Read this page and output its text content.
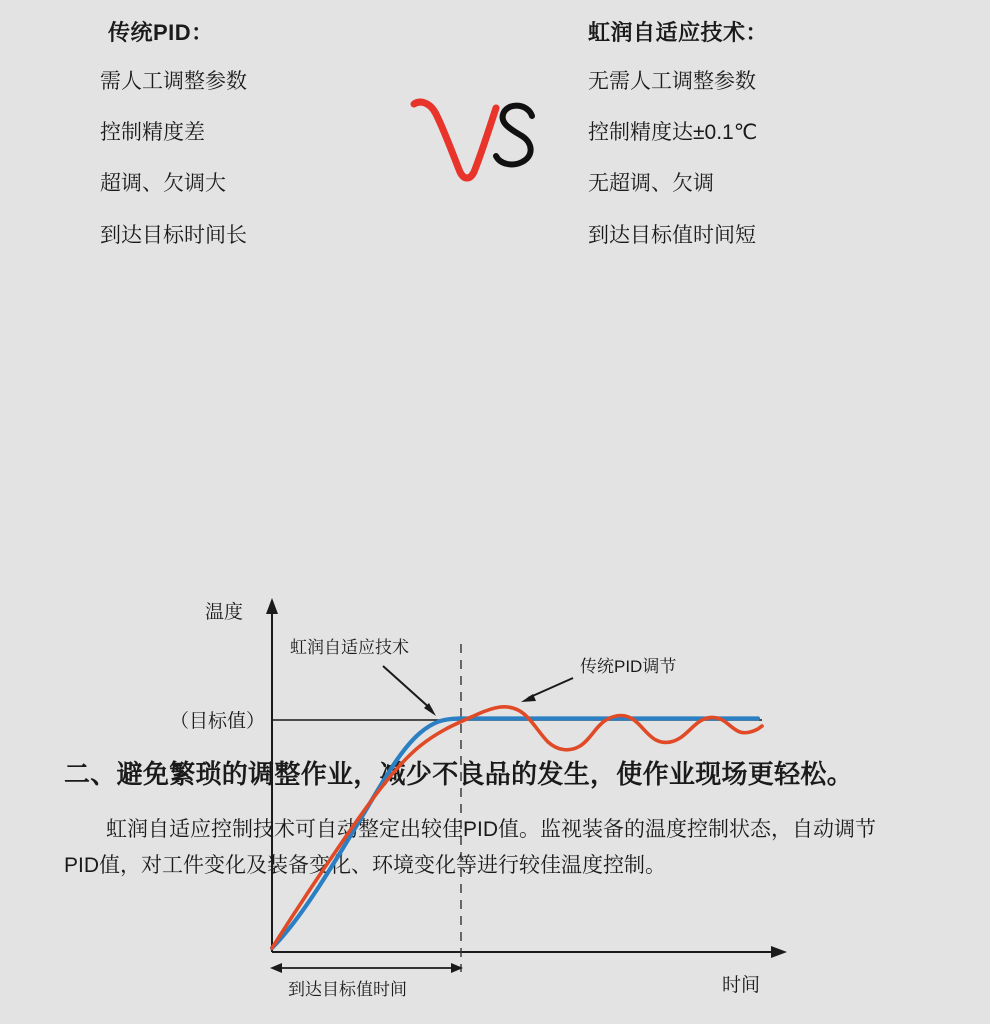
传统PID：
需人工调整参数
控制精度差
超调、欠调大
到达目标时间长
虹润自适应技术：
无需人工调整参数
控制精度达±0.1℃
无超调、欠调
到达目标值时间短
温度
时间
（目标值）
虹润自适应技术
传统PID调节
到达目标值时间
二、避免繁琐的调整作业，减少不良品的发生，使作业现场更轻松。

虹润自适应控制技术可自动整定出较佳PID值。监视装备的温度控制状态，自动调节PID值，对工件变化及装备变化、环境变化等进行较佳温度控制。
